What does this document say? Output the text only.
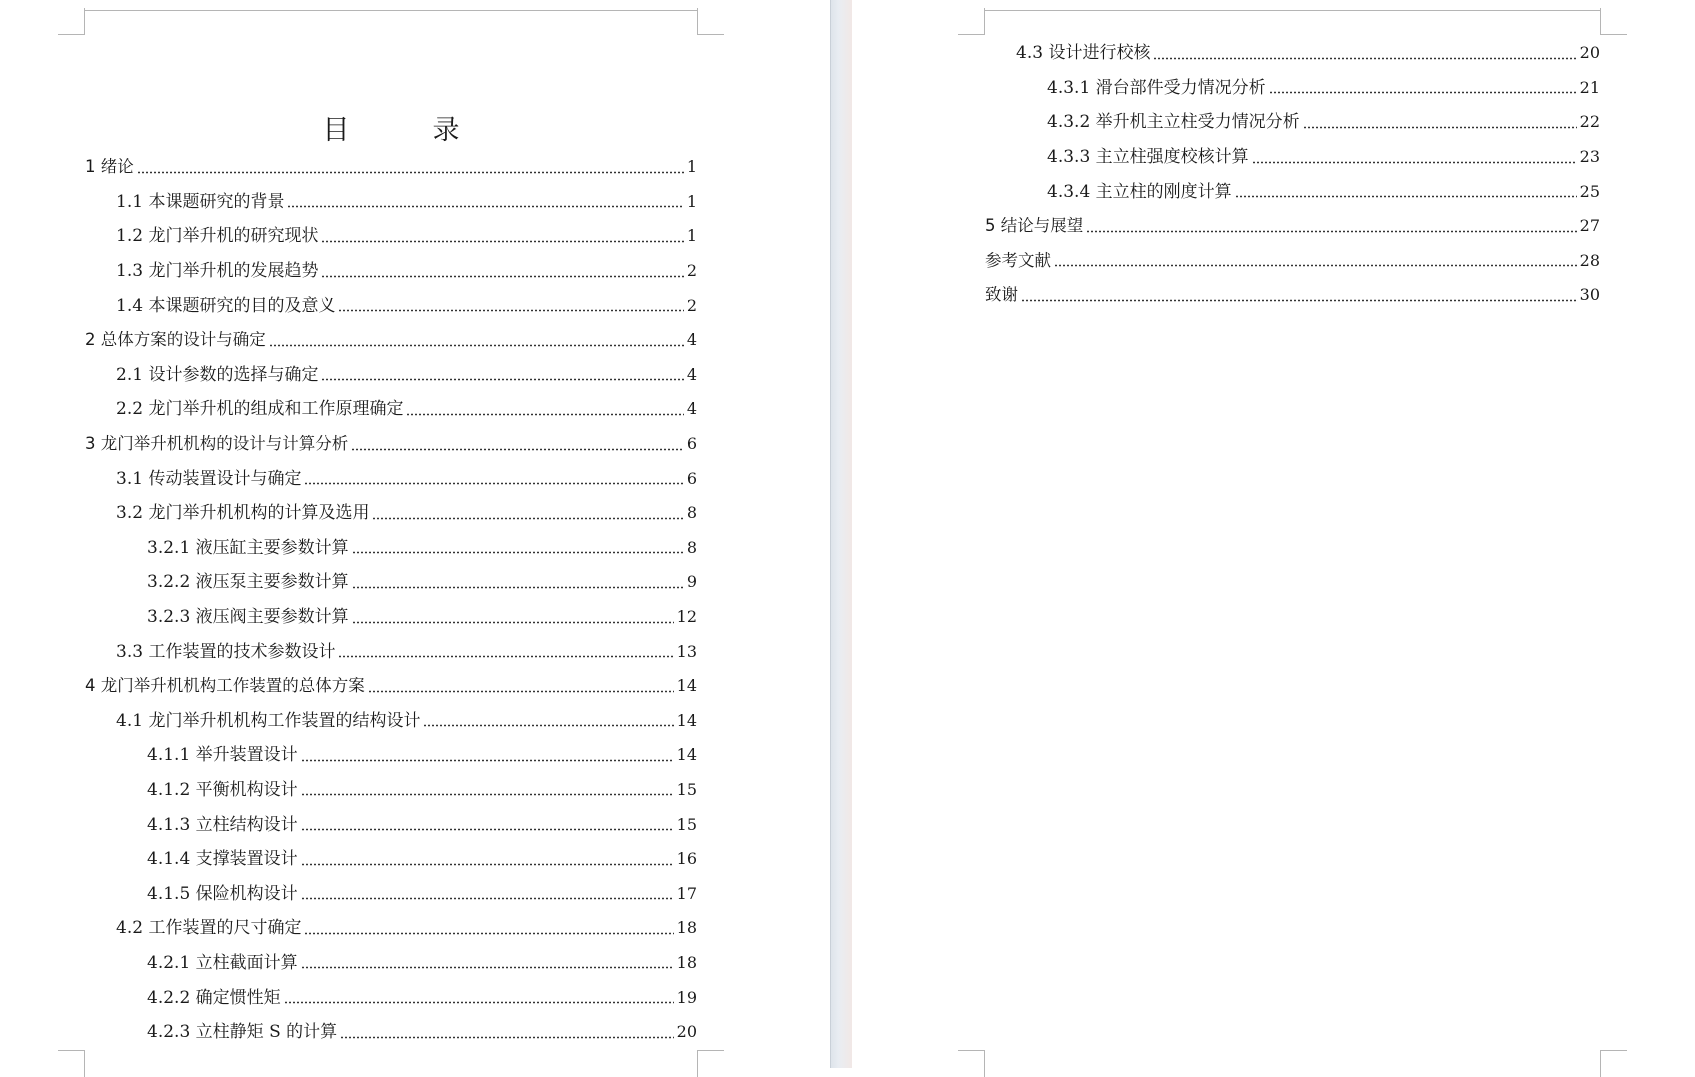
目　录
1 绪论	1
1.1 本课题研究的背景	1
1.2 龙门举升机的研究现状	1
1.3 龙门举升机的发展趋势	2
1.4 本课题研究的目的及意义	2
2 总体方案的设计与确定	4
2.1 设计参数的选择与确定	4
2.2 龙门举升机的组成和工作原理确定	4
3 龙门举升机机构的设计与计算分析	6
3.1 传动装置设计与确定	6
3.2 龙门举升机机构的计算及选用	8
3.2.1 液压缸主要参数计算	8
3.2.2 液压泵主要参数计算	9
3.2.3 液压阀主要参数计算	12
3.3 工作装置的技术参数设计	13
4 龙门举升机机构工作装置的总体方案	14
4.1 龙门举升机机构工作装置的结构设计	14
4.1.1 举升装置设计	14
4.1.2 平衡机构设计	15
4.1.3 立柱结构设计	15
4.1.4 支撑装置设计	16
4.1.5 保险机构设计	17
4.2 工作装置的尺寸确定	18
4.2.1 立柱截面计算	18
4.2.2 确定惯性矩	19
4.2.3 立柱静矩 S 的计算	20
4.3 设计进行校核	20
4.3.1 滑台部件受力情况分析	21
4.3.2 举升机主立柱受力情况分析	22
4.3.3 主立柱强度校核计算	23
4.3.4 主立柱的刚度计算	25
5 结论与展望	27
参考文献	28
致谢	30
